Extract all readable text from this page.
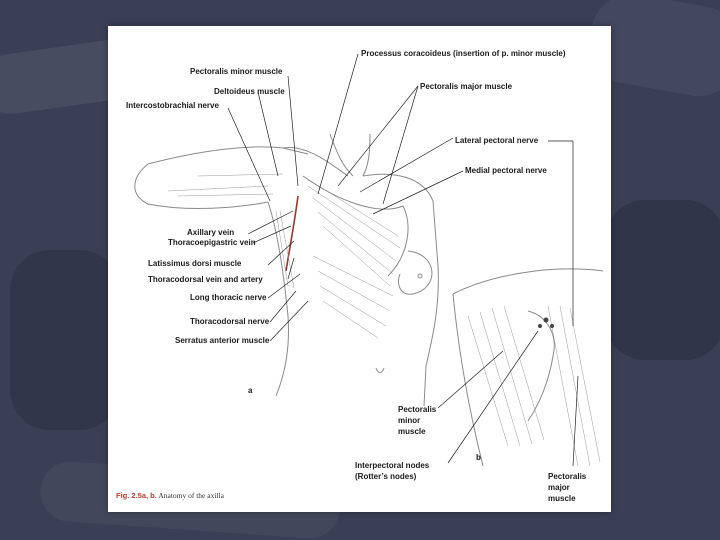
Processus coracoideus (insertion of p. minor muscle)
Pectoralis minor muscle
Deltoideus muscle
Pectoralis major muscle
Intercostobrachial nerve
Lateral pectoral nerve
Medial pectoral nerve
Axillary vein
Thoracoepigastric vein
Latissimus dorsi muscle
Thoracodorsal vein and artery
Long thoracic nerve
Thoracodorsal nerve
Serratus anterior muscle
a
b
Pectoralis
minor
muscle
Interpectoral nodes
(Rotter’s nodes)	Pectoralis
major
muscle
Fig. 2.5a, b. Anatomy of the axilla
